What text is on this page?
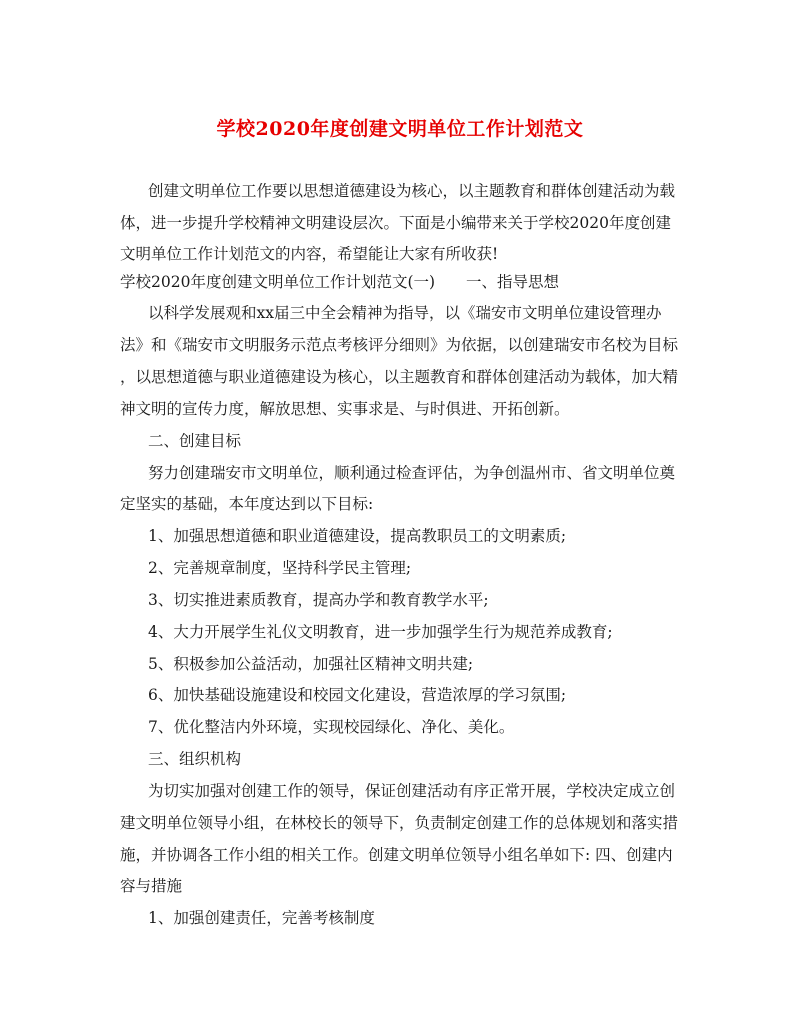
学校2020年度创建文明单位工作计划范文
创建文明单位工作要以思想道德建设为核心，以主题教育和群体创建活动为载
体，进一步提升学校精神文明建设层次。下面是小编带来关于学校2020年度创建
文明单位工作计划范文的内容，希望能让大家有所收获!
学校2020年度创建文明单位工作计划范文(一)　　一、指导思想
以科学发展观和xx届三中全会精神为指导，以《瑞安市文明单位建设管理办
法》和《瑞安市文明服务示范点考核评分细则》为依据，以创建瑞安市名校为目标
，以思想道德与职业道德建设为核心，以主题教育和群体创建活动为载体，加大精
神文明的宣传力度，解放思想、实事求是、与时俱进、开拓创新。
二、创建目标
努力创建瑞安市文明单位，顺利通过检查评估，为争创温州市、省文明单位奠
定坚实的基础，本年度达到以下目标:
1、加强思想道德和职业道德建设，提高教职员工的文明素质;
2、完善规章制度，坚持科学民主管理;
3、切实推进素质教育，提高办学和教育教学水平;
4、大力开展学生礼仪文明教育，进一步加强学生行为规范养成教育;
5、积极参加公益活动，加强社区精神文明共建;
6、加快基础设施建设和校园文化建设，营造浓厚的学习氛围;
7、优化整洁内外环境，实现校园绿化、净化、美化。
三、组织机构
为切实加强对创建工作的领导，保证创建活动有序正常开展，学校决定成立创
建文明单位领导小组，在林校长的领导下，负责制定创建工作的总体规划和落实措
施，并协调各工作小组的相关工作。创建文明单位领导小组名单如下: 四、创建内
容与措施
1、加强创建责任，完善考核制度
